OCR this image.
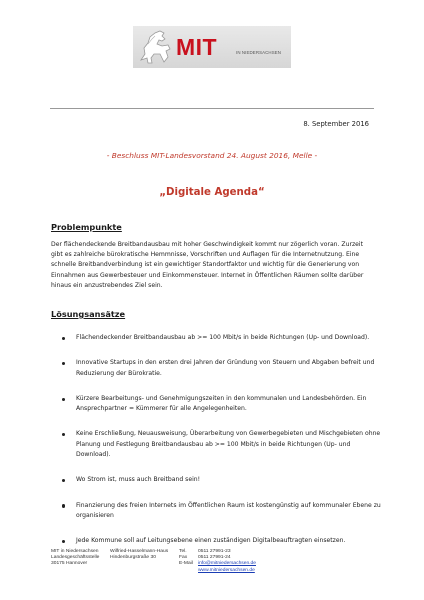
MIT	IN NIEDERSACHSEN
8. September 2016
- Beschluss MIT-Landesvorstand 24. August 2016, Melle -
„Digitale Agenda“
Problempunkte
Der flächendeckende Breitbandausbau mit hoher Geschwindigkeit kommt nur zögerlich voran. Zurzeit gibt es zahlreiche bürokratische Hemmnisse, Vorschriften und Auflagen für die Internetnutzung. Eine schnelle Breitbandverbindung ist ein gewichtiger Standortfaktor und wichtig für die Generierung von Einnahmen aus Gewerbesteuer und Einkommensteuer. Internet in Öffentlichen Räumen sollte darüber hinaus ein anzustrebendes Ziel sein.
Lösungsansätze
Flächendeckender Breitbandausbau ab >= 100 Mbit/s in beide Richtungen (Up- und Download).
Innovative Startups in den ersten drei Jahren der Gründung von Steuern und Abgaben befreit und Reduzierung der Bürokratie.
Kürzere Bearbeitungs- und Genehmigungszeiten in den kommunalen und Landesbehörden. Ein Ansprechpartner = Kümmerer für alle Angelegenheiten.
Keine Erschließung, Neuausweisung, Überarbeitung von Gewerbegebieten und Mischgebieten ohne Planung und Festlegung Breitbandausbau ab >= 100 Mbit/s in beide Richtungen (Up- und Download).
Wo Strom ist, muss auch Breitband sein!
Finanzierung des freien Internets im Öffentlichen Raum ist kostengünstig auf kommunaler Ebene zu organisieren
Jede Kommune soll auf Leitungsebene einen zuständigen Digitalbeauftragten einsetzen.
MIT in Niedersachsen
Landesgeschäftsstelle
30175 Hannover
Wilfried-Hasselmann-Haus
Hindenburgstraße 30
Tel.
Fax
E-Mail
0511 27991-23
0511 27991-24
info@mitniedersachsen.de
www.mitniedersachsen.de
